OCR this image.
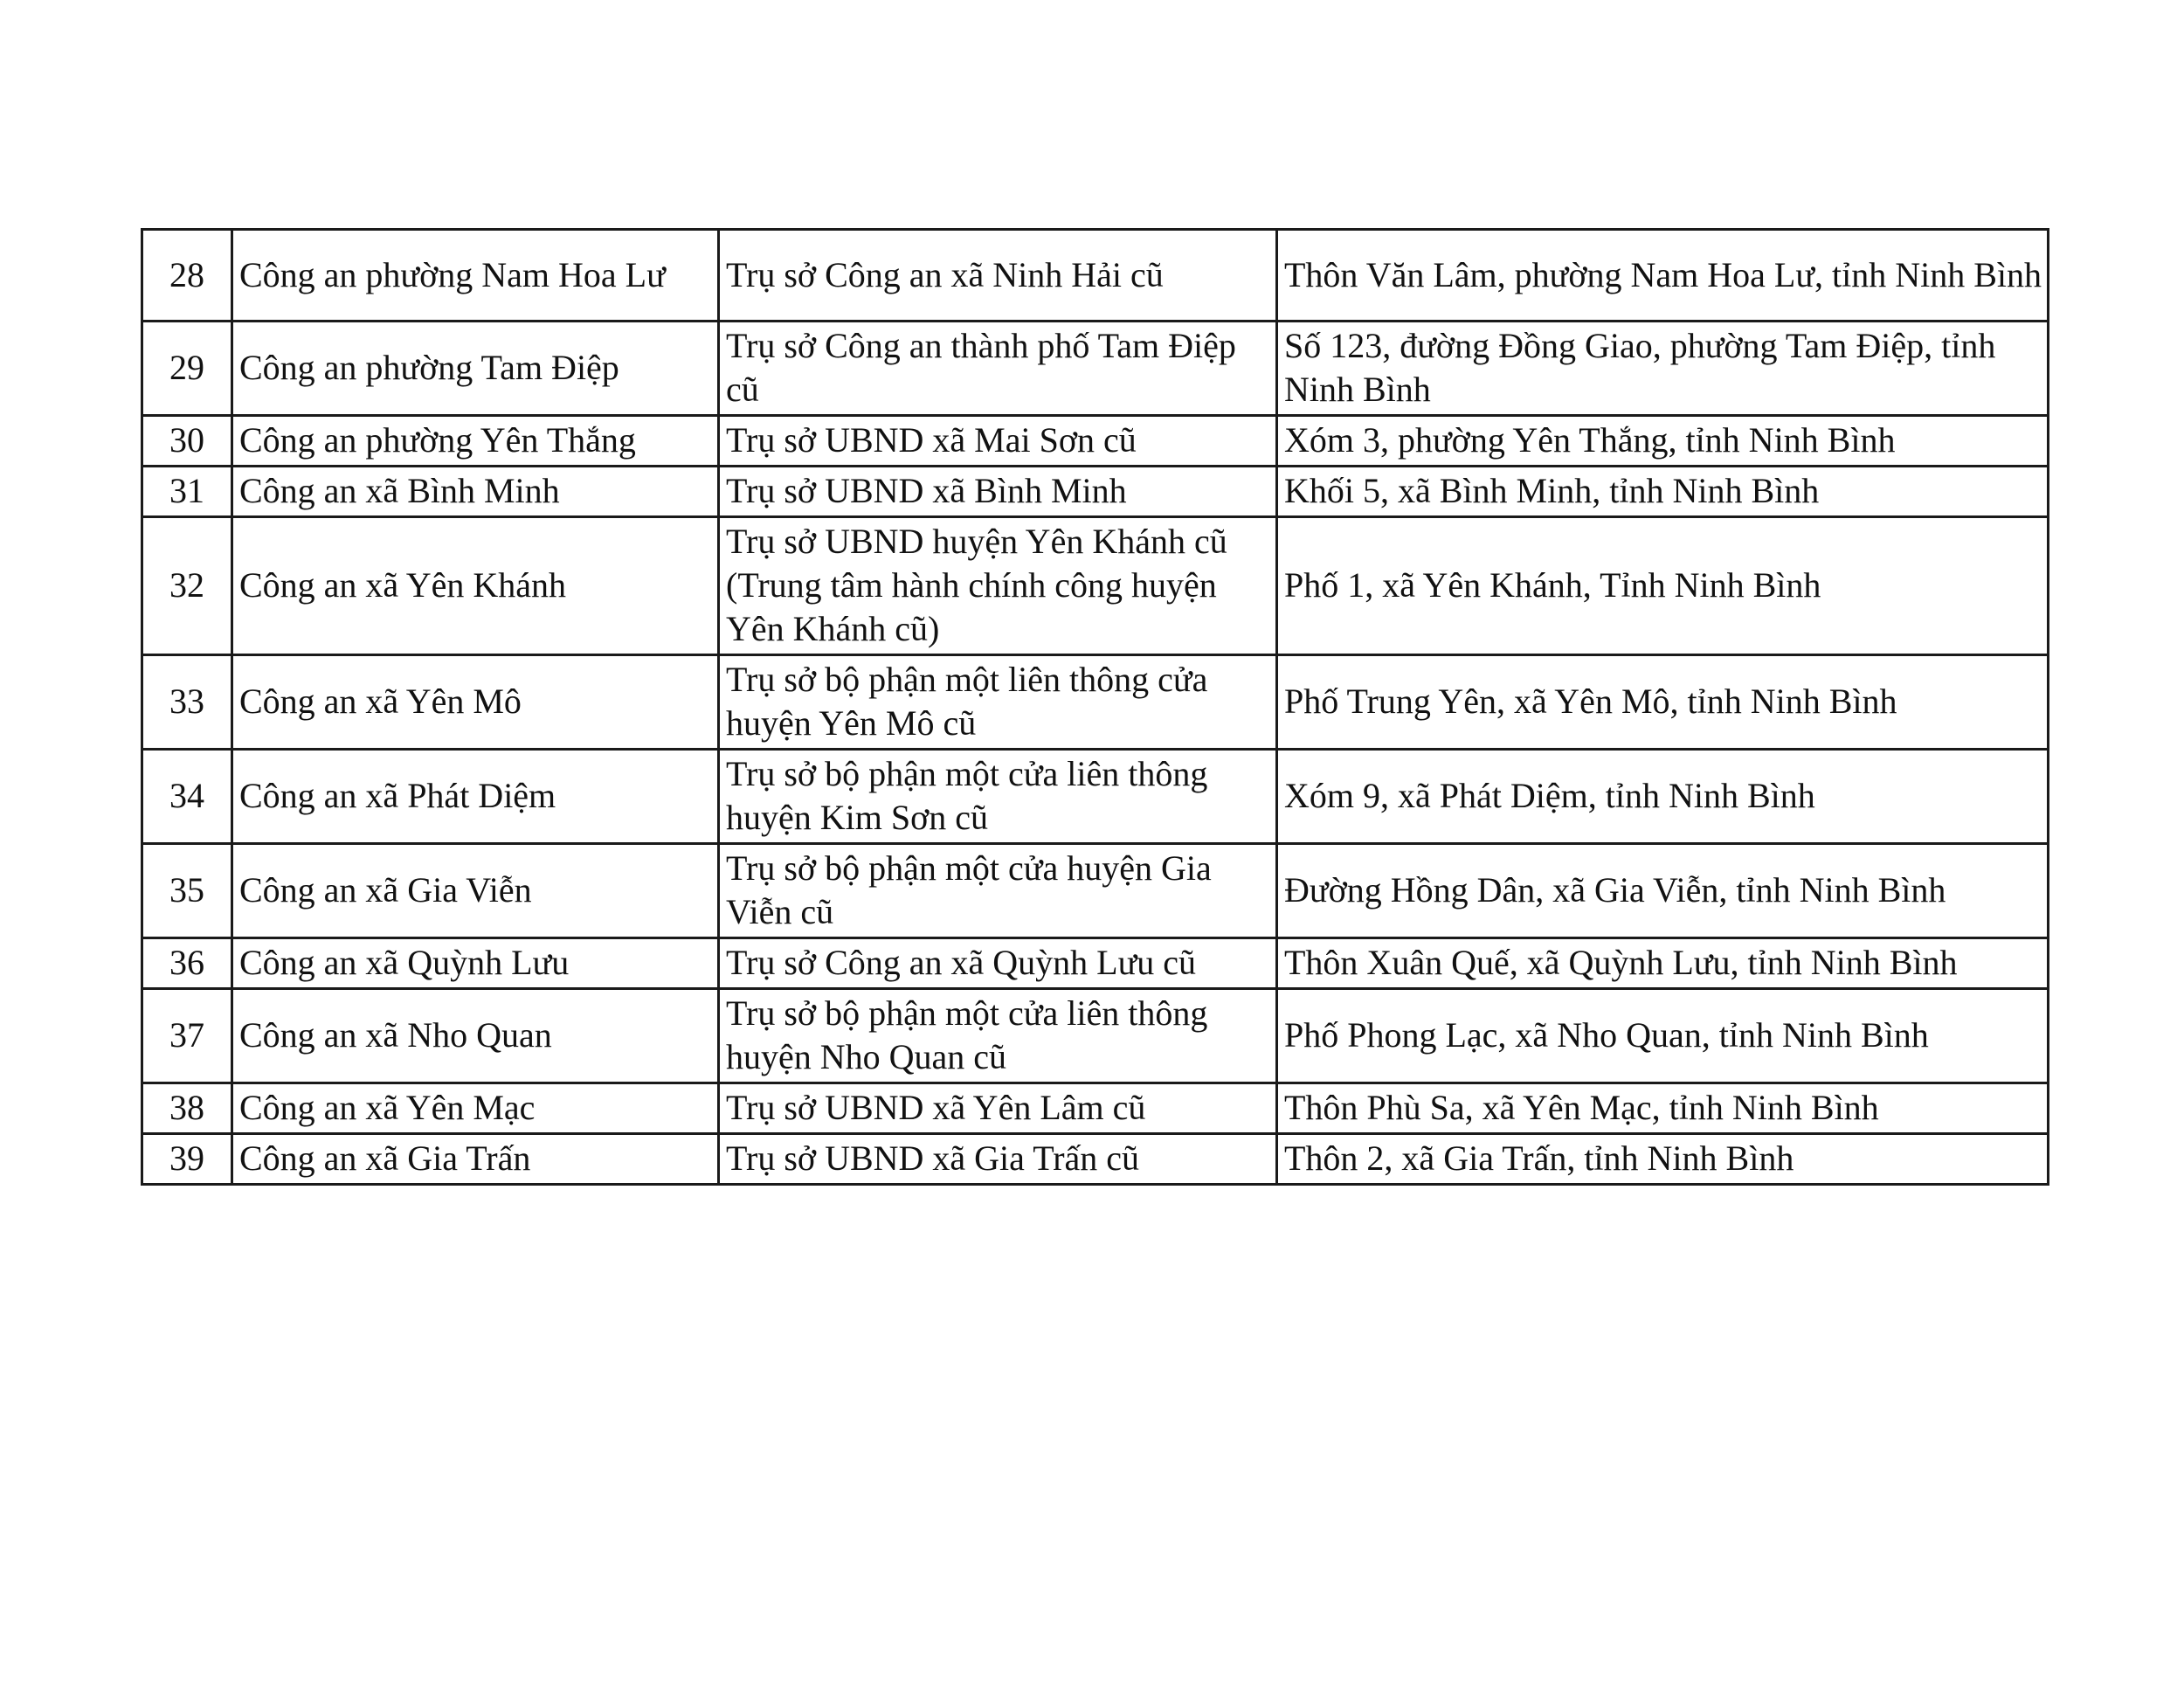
28	Công an phường Nam Hoa Lư	Trụ sở Công an xã Ninh Hải cũ	Thôn Văn Lâm, phường Nam Hoa Lư, tỉnh Ninh Bình
29	Công an phường Tam Điệp	Trụ sở Công an thành phố Tam Điệp cũ	Số 123, đường Đồng Giao, phường Tam Điệp, tỉnh Ninh Bình
30	Công an phường Yên Thắng	Trụ sở UBND xã Mai Sơn cũ	Xóm 3, phường Yên Thắng, tỉnh Ninh Bình
31	Công an xã Bình Minh	Trụ sở UBND xã Bình Minh	Khối 5, xã Bình Minh, tỉnh Ninh Bình
32	Công an xã Yên Khánh	Trụ sở UBND huyện Yên Khánh cũ (Trung tâm hành chính công huyện Yên Khánh cũ)	Phố 1, xã Yên Khánh, Tỉnh Ninh Bình
33	Công an xã Yên Mô	Trụ sở bộ phận một liên thông cửa huyện Yên Mô cũ	Phố Trung Yên, xã Yên Mô, tỉnh Ninh Bình
34	Công an xã Phát Diệm	Trụ sở bộ phận một cửa liên thông huyện Kim Sơn cũ	Xóm 9, xã Phát Diệm, tỉnh Ninh Bình
35	Công an xã Gia Viễn	Trụ sở bộ phận một cửa huyện Gia Viễn cũ	Đường Hồng Dân, xã Gia Viễn, tỉnh Ninh Bình
36	Công an xã Quỳnh Lưu	Trụ sở Công an xã Quỳnh Lưu cũ	Thôn Xuân Quế, xã Quỳnh Lưu, tỉnh Ninh Bình
37	Công an xã Nho Quan	Trụ sở bộ phận một cửa liên thông huyện Nho Quan cũ	Phố Phong Lạc, xã Nho Quan, tỉnh Ninh Bình
38	Công an xã Yên Mạc	Trụ sở UBND xã Yên Lâm cũ	Thôn Phù Sa, xã Yên Mạc, tỉnh Ninh Bình
39	Công an xã Gia Trấn	Trụ sở UBND xã Gia Trấn cũ	Thôn 2, xã Gia Trấn, tỉnh Ninh Bình
